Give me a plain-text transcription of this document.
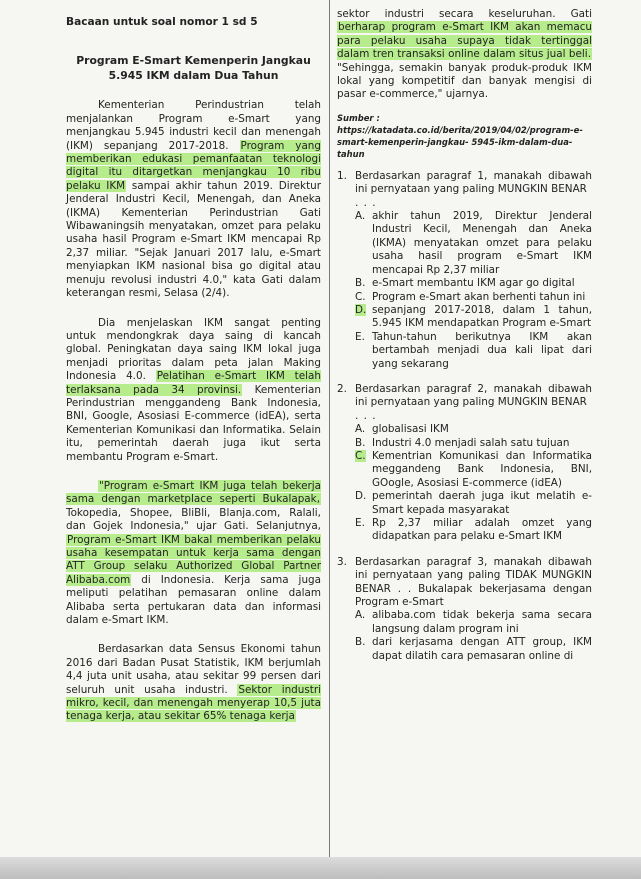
Bacaan untuk soal nomor 1 sd 5

Program E-Smart Kemenperin Jangkau 5.945 IKM dalam Dua Tahun

Kementerian Perindustrian telah menjalankan Program e-Smart yang menjangkau 5.945 industri kecil dan menengah (IKM) sepanjang 2017-2018. Program yang memberikan edukasi pemanfaatan teknologi digital itu ditargetkan menjangkau 10 ribu pelaku IKM sampai akhir tahun 2019. Direktur Jenderal Industri Kecil, Menengah, dan Aneka (IKMA) Kementerian Perindustrian Gati Wibawaningsih menyatakan, omzet para pelaku usaha hasil Program e-Smart IKM mencapai Rp 2,37 miliar. "Sejak Januari 2017 lalu, e-Smart menyiapkan IKM nasional bisa go digital atau menuju revolusi industri 4.0," kata Gati dalam keterangan resmi, Selasa (2/4).

Dia menjelaskan IKM sangat penting untuk mendongkrak daya saing di kancah global. Peningkatan daya saing IKM lokal juga menjadi prioritas dalam peta jalan Making Indonesia 4.0. Pelatihan e-Smart IKM telah terlaksana pada 34 provinsi. Kementerian Perindustrian menggandeng Bank Indonesia, BNI, Google, Asosiasi E-commerce (idEA), serta Kementerian Komunikasi dan Informatika. Selain itu, pemerintah daerah juga ikut serta membantu Program e-Smart.

"Program e-Smart IKM juga telah bekerja sama dengan marketplace seperti Bukalapak, Tokopedia, Shopee, BliBli, Blanja.com, Ralali, dan Gojek Indonesia," ujar Gati. Selanjutnya, Program e-Smart IKM bakal memberikan pelaku usaha kesempatan untuk kerja sama dengan ATT Group selaku Authorized Global Partner Alibaba.com di Indonesia. Kerja sama juga meliputi pelatihan pemasaran online dalam Alibaba serta pertukaran data dan informasi dalam e-Smart IKM.

Berdasarkan data Sensus Ekonomi tahun 2016 dari Badan Pusat Statistik, IKM berjumlah 4,4 juta unit usaha, atau sekitar 99 persen dari seluruh unit usaha industri. Sektor industri mikro, kecil, dan menengah menyerap 10,5 juta tenaga kerja, atau sekitar 65% tenaga kerja

sektor industri secara keseluruhan. Gati berharap program e-Smart IKM akan memacu para pelaku usaha supaya tidak tertinggal dalam tren transaksi online dalam situs jual beli. "Sehingga, semakin banyak produk-produk IKM lokal yang kompetitif dan banyak mengisi di pasar e-commerce," ujarnya.

Sumber :
https://katadata.co.id/berita/2019/04/02/program-e-smart-kemenperin-jangkau- 5945-ikm-dalam-dua-tahun
1. Berdasarkan paragraf 1, manakah dibawah ini pernyataan yang paling MUNGKIN BENAR

. . .

A. akhir tahun 2019, Direktur Jenderal Industri Kecil, Menengah dan Aneka (IKMA) menyatakan omzet para pelaku usaha hasil program e-Smart IKM mencapai Rp 2,37 miliar
B. e-Smart membantu IKM agar go digital
C. Program e-Smart akan berhenti tahun ini
D. sepanjang 2017-2018, dalam 1 tahun, 5.945 IKM mendapatkan Program e-Smart
E. Tahun-tahun berikutnya IKM akan bertambah menjadi dua kali lipat dari yang sekarang
2. Berdasarkan paragraf 2, manakah dibawah ini pernyataan yang paling MUNGKIN BENAR

. . .

A. globalisasi IKM
B. Industri 4.0 menjadi salah satu tujuan
C. Kementrian Komunikasi dan Informatika meggandeng Bank Indonesia, BNI, GOogle, Asosiasi E-commerce (idEA)
D. pemerintah daerah juga ikut melatih e-Smart kepada masyarakat
E. Rp 2,37 miliar adalah omzet yang didapatkan para pelaku e-Smart IKM
3. Berdasarkan paragraf 3, manakah dibawah ini pernyataan yang paling TIDAK MUNGKIN BENAR . . Bukalapak bekerjasama dengan Program e-Smart

A. alibaba.com tidak bekerja sama secara langsung dalam program ini
B. dari kerjasama dengan ATT group, IKM dapat dilatih cara pemasaran online di
